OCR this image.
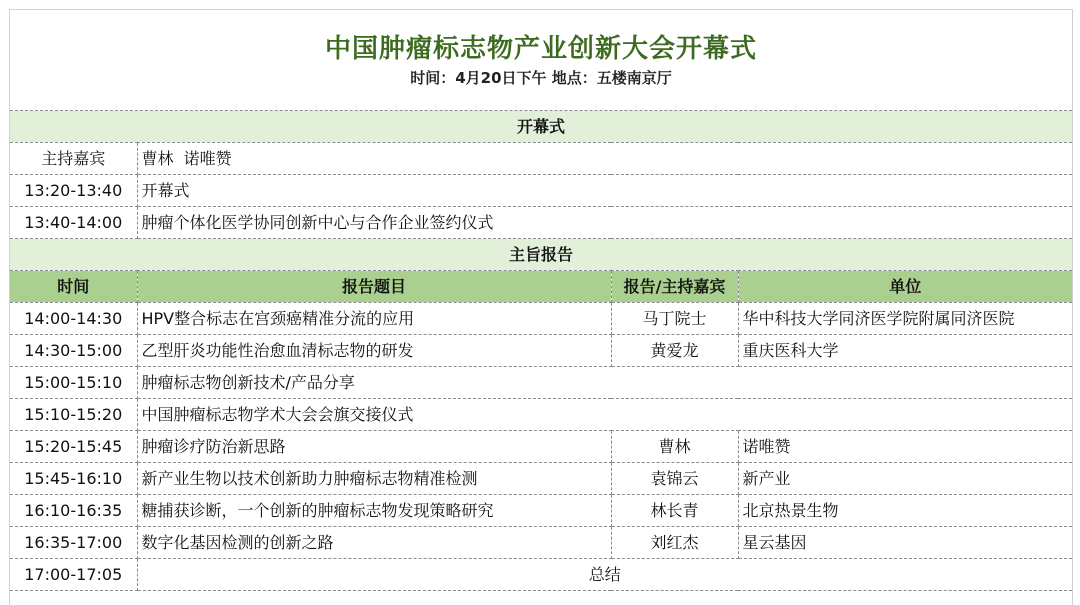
中国肿瘤标志物产业创新大会开幕式
时间：4月20日下午 地点：五楼南京厅
开幕式			
主持嘉宾	曹林  诺唯赞		
13:20-13:40	开幕式		
13:40-14:00	肿瘤个体化医学协同创新中心与合作企业签约仪式		
主旨报告			
时间	报告题目	报告/主持嘉宾	单位
14:00-14:30	HPV整合标志在宫颈癌精准分流的应用	马丁院士	华中科技大学同济医学院附属同济医院
14:30-15:00	乙型肝炎功能性治愈血清标志物的研发	黄爱龙	重庆医科大学
15:00-15:10	肿瘤标志物创新技术/产品分享		
15:10-15:20	中国肿瘤标志物学术大会会旗交接仪式		
15:20-15:45	肿瘤诊疗防治新思路	曹林	诺唯赞
15:45-16:10	新产业生物以技术创新助力肿瘤标志物精准检测	袁锦云	新产业
16:10-16:35	糖捕获诊断，一个创新的肿瘤标志物发现策略研究	林长青	北京热景生物
16:35-17:00	数字化基因检测的创新之路	刘红杰	星云基因
17:00-17:05	总结		
